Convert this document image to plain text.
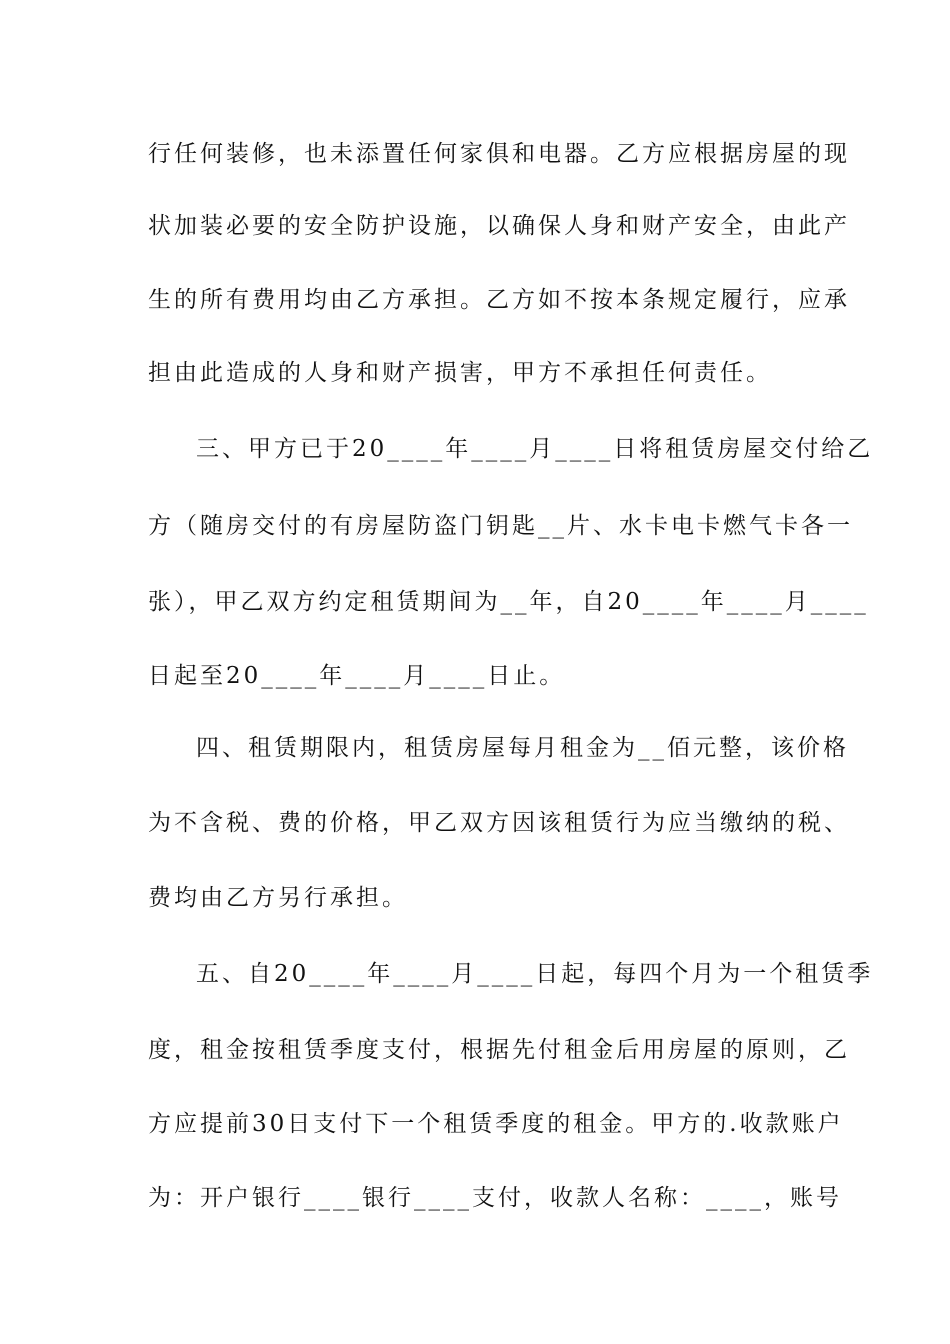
行任何装修，也未添置任何家俱和电器。乙方应根据房屋的现
状加装必要的安全防护设施，以确保人身和财产安全，由此产
生的所有费用均由乙方承担。乙方如不按本条规定履行，应承
担由此造成的人身和财产损害，甲方不承担任何责任。
三、甲方已于20____年____月____日将租赁房屋交付给乙
方（随房交付的有房屋防盗门钥匙__片、水卡电卡燃气卡各一
张），甲乙双方约定租赁期间为__年，自20____年____月____
日起至20____年____月____日止。
四、租赁期限内，租赁房屋每月租金为__佰元整，该价格
为不含税、费的价格，甲乙双方因该租赁行为应当缴纳的税、
费均由乙方另行承担。
五、自20____年____月____日起，每四个月为一个租赁季
度，租金按租赁季度支付，根据先付租金后用房屋的原则，乙
方应提前30日支付下一个租赁季度的租金。甲方的.收款账户
为：开户银行____银行____支付，收款人名称：____，账号
